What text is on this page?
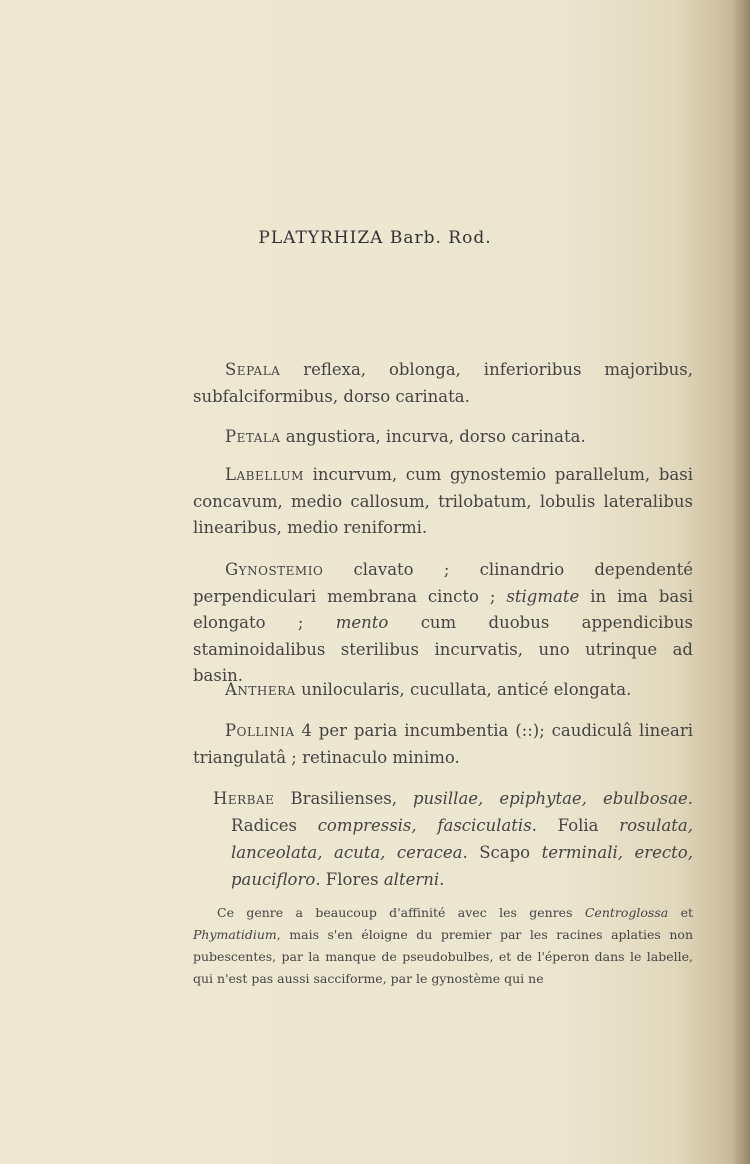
PLATYRHIZA Barb. Rod.
Sepala reflexa, oblonga, inferioribus majoribus, subfalciformibus, dorso carinata.
Petala angustiora, incurva, dorso carinata.
Labellum incurvum, cum gynostemio parallelum, basi concavum, medio callosum, trilobatum, lobulis lateralibus linearibus, medio reniformi.
Gynostemio clavato ; clinandrio dependenté perpendiculari membrana cincto ; stigmate in ima basi elongato ; mento cum duobus appendicibus staminoidalibus sterilibus incurvatis, uno utrinque ad basin.
Anthera unilocularis, cucullata, anticé elongata.
Pollinia 4 per paria incumbentia (::); caudiculâ lineari triangulatâ ; retinaculo minimo.
Herbae Brasilienses, pusillae, epiphytae, ebulbosae. Radices compressis, fasciculatis. Folia rosulata, lanceolata, acuta, ceracea. Scapo terminali, erecto, paucifloro. Flores alterni.
Ce genre a beaucoup d'affinité avec les genres Centroglossa et Phymatidium, mais s'en éloigne du premier par les racines aplaties non pubescentes, par la manque de pseudobulbes, et de l'éperon dans le labelle, qui n'est pas aussi sacciforme, par le gynostème qui ne
